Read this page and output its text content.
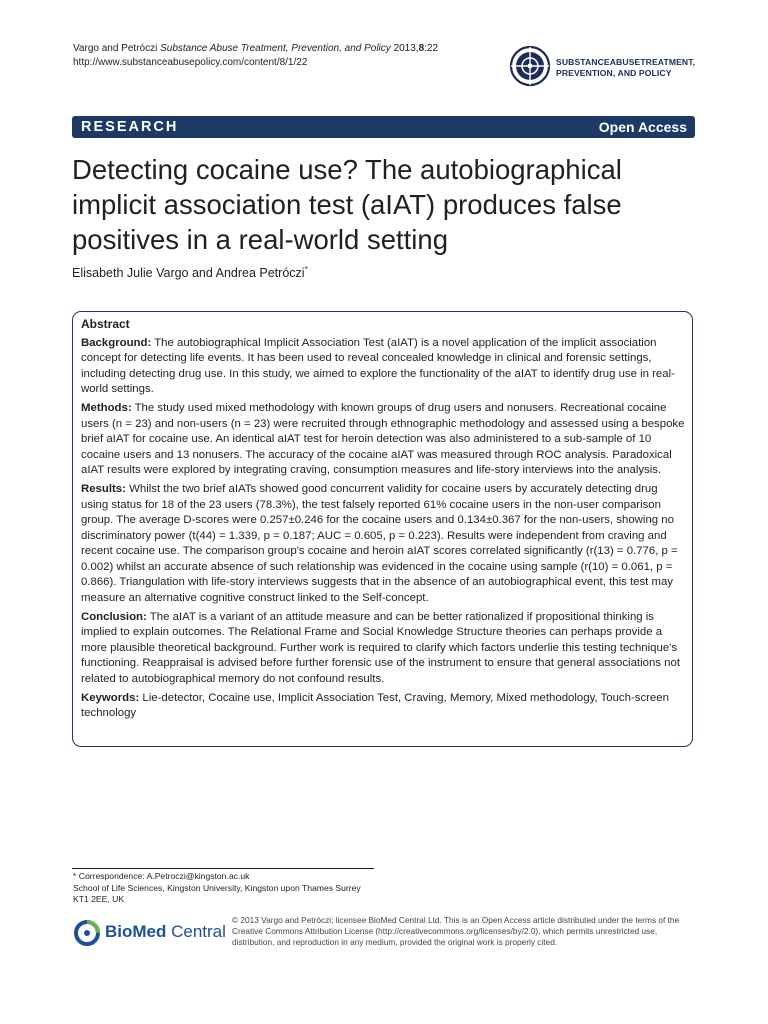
Vargo and Petróczi Substance Abuse Treatment, Prevention, and Policy 2013,8:22
http://www.substanceabusepolicy.com/content/8/1/22	SUBSTANCEABUSETREATMENT,
PREVENTION, AND POLICY
RESEARCH	Open Access
Detecting cocaine use? The autobiographical implicit association test (aIAT) produces false positives in a real-world setting
Elisabeth Julie Vargo and Andrea Petróczi*
Abstract

Background: The autobiographical Implicit Association Test (aIAT) is a novel application of the implicit association concept for detecting life events. It has been used to reveal concealed knowledge in clinical and forensic settings, including detecting drug use. In this study, we aimed to explore the functionality of the aIAT to identify drug use in real-world settings.

Methods: The study used mixed methodology with known groups of drug users and nonusers. Recreational cocaine users (n = 23) and non-users (n = 23) were recruited through ethnographic methodology and assessed using a bespoke brief aIAT for cocaine use. An identical aIAT test for heroin detection was also administered to a sub-sample of 10 cocaine users and 13 nonusers. The accuracy of the cocaine aIAT was measured through ROC analysis. Paradoxical aIAT results were explored by integrating craving, consumption measures and life-story interviews into the analysis.

Results: Whilst the two brief aIATs showed good concurrent validity for cocaine users by accurately detecting drug using status for 18 of the 23 users (78.3%), the test falsely reported 61% cocaine users in the non-user comparison group. The average D-scores were 0.257±0.246 for the cocaine users and 0.134±0.367 for the non-users, showing no discriminatory power (t(44) = 1.339, p = 0.187; AUC = 0.605, p = 0.223). Results were independent from craving and recent cocaine use. The comparison group's cocaine and heroin aIAT scores correlated significantly (r(13) = 0.776, p = 0.002) whilst an accurate absence of such relationship was evidenced in the cocaine using sample (r(10) = 0.061, p = 0.866). Triangulation with life-story interviews suggests that in the absence of an autobiographical event, this test may measure an alternative cognitive construct linked to the Self-concept.

Conclusion: The aIAT is a variant of an attitude measure and can be better rationalized if propositional thinking is implied to explain outcomes. The Relational Frame and Social Knowledge Structure theories can perhaps provide a more plausible theoretical background. Further work is required to clarify which factors underlie this testing technique's functioning. Reappraisal is advised before further forensic use of the instrument to ensure that general associations not related to autobiographical memory do not confound results.

Keywords: Lie-detector, Cocaine use, Implicit Association Test, Craving, Memory, Mixed methodology, Touch-screen technology

* Correspondence: A.Petroczi@kingston.ac.uk
School of Life Sciences, Kingston University, Kingston upon Thames Surrey
KT1 2EE, UK
BioMed Central
© 2013 Vargo and Petróczi; licensee BioMed Central Ltd. This is an Open Access article distributed under the terms of the Creative Commons Attribution License (http://creativecommons.org/licenses/by/2.0), which permits unrestricted use, distribution, and reproduction in any medium, provided the original work is properly cited.
